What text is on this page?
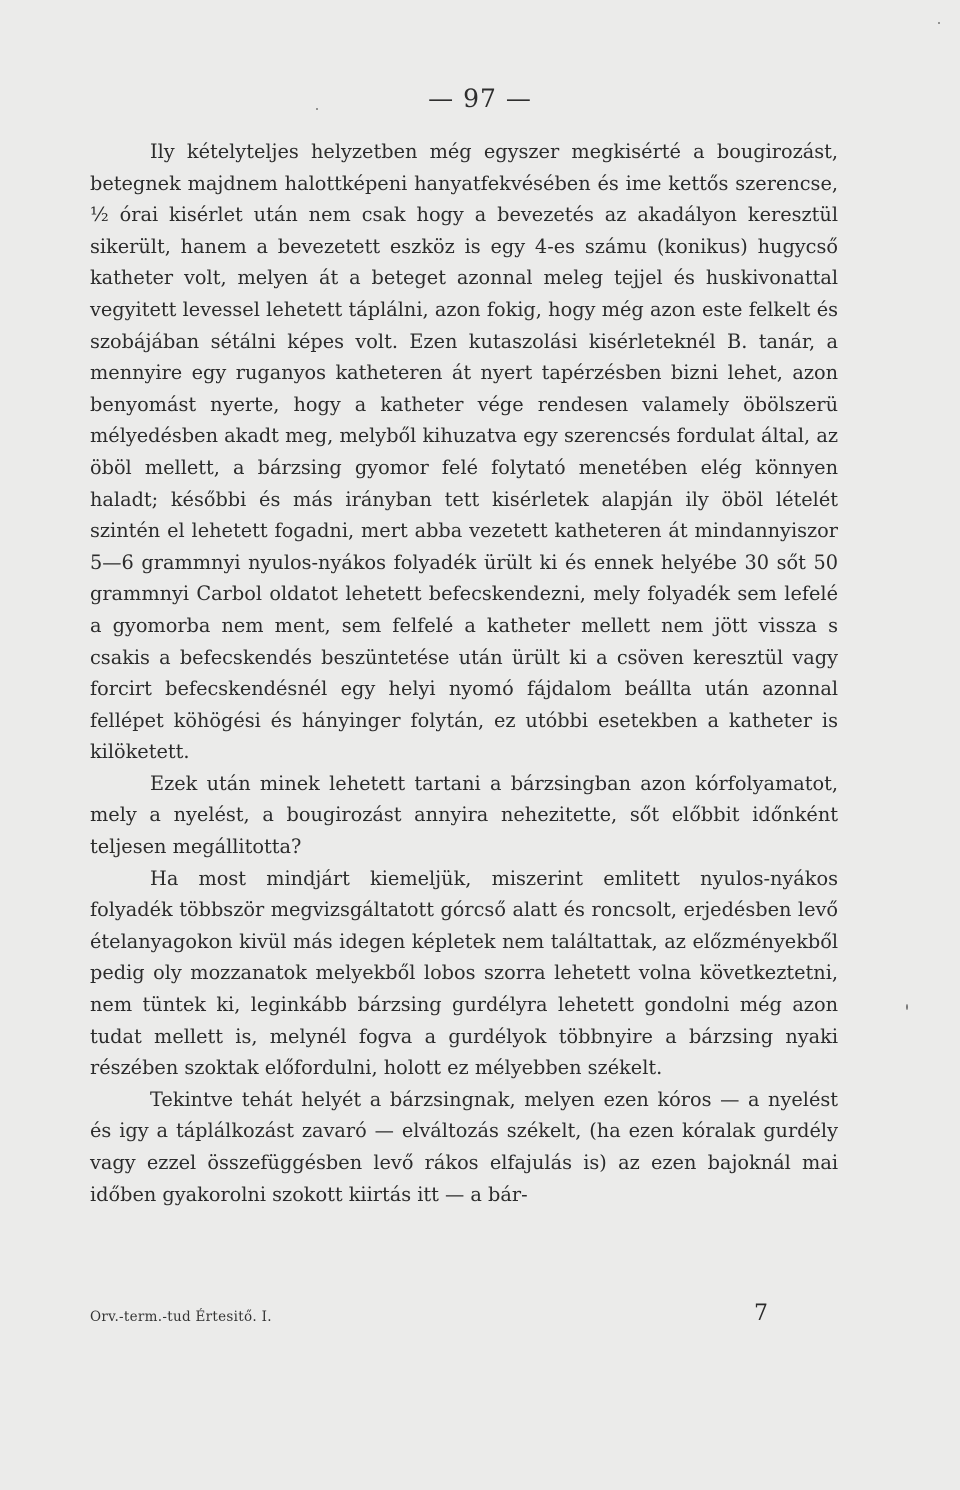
— 97 —

Ily kételyteljes helyzetben még egyszer megkisérté a bougirozást, betegnek majdnem halottképeni hanyatfekvésében és ime kettős szerencse, ½ órai kisérlet után nem csak hogy a bevezetés az akadályon keresztül sikerült, hanem a bevezetett eszköz is egy 4-es számu (konikus) hugycső katheter volt, melyen át a beteget azonnal meleg tejjel és huskivonattal vegyitett levessel lehetett táplálni, azon fokig, hogy még azon este felkelt és szobájában sétálni képes volt. Ezen kutaszolási kisérleteknél B. tanár, a mennyire egy ruganyos katheteren át nyert tapérzésben bizni lehet, azon benyomást nyerte, hogy a katheter vége rendesen valamely öbölszerü mélyedésben akadt meg, melyből kihuzatva egy szerencsés fordulat által, az öböl mellett, a bárzsing gyomor felé folytató menetében elég könnyen haladt; későbbi és más irányban tett kisérletek alapján ily öböl lételét szintén el lehetett fogadni, mert abba vezetett katheteren át mindannyiszor 5—6 grammnyi nyulos-nyákos folyadék ürült ki és ennek helyébe 30 sőt 50 grammnyi Carbol oldatot lehetett befecskendezni, mely folyadék sem lefelé a gyomorba nem ment, sem felfelé a katheter mellett nem jött vissza s csakis a befecskendés beszüntetése után ürült ki a csöven keresztül vagy forcirt befecskendésnél egy helyi nyomó fájdalom beállta után azonnal fellépet köhögési és hányinger folytán, ez utóbbi esetekben a katheter is kilöketett.

Ezek után minek lehetett tartani a bárzsingban azon kórfolyamatot, mely a nyelést, a bougirozást annyira nehezitette, sőt előbbit időnként teljesen megállitotta?

Ha most mindjárt kiemeljük, miszerint emlitett nyulos-nyákos folyadék többször megvizsgáltatott górcső alatt és roncsolt, erjedésben levő ételanyagokon kivül más idegen képletek nem találtattak, az előzményekből pedig oly mozzanatok melyekből lobos szorra lehetett volna következtetni, nem tüntek ki, leginkább bárzsing gurdélyra lehetett gondolni még azon tudat mellett is, melynél fogva a gurdélyok többnyire a bárzsing nyaki részében szoktak előfordulni, holott ez mélyebben székelt.

Tekintve tehát helyét a bárzsingnak, melyen ezen kóros — a nyelést és igy a táplálkozást zavaró — elváltozás székelt, (ha ezen kóralak gurdély vagy ezzel összefüggésben levő rákos elfajulás is) az ezen bajoknál mai időben gyakorolni szokott kiirtás itt — a bár-

Orv.-term.-tud Értesitő. I.	7
